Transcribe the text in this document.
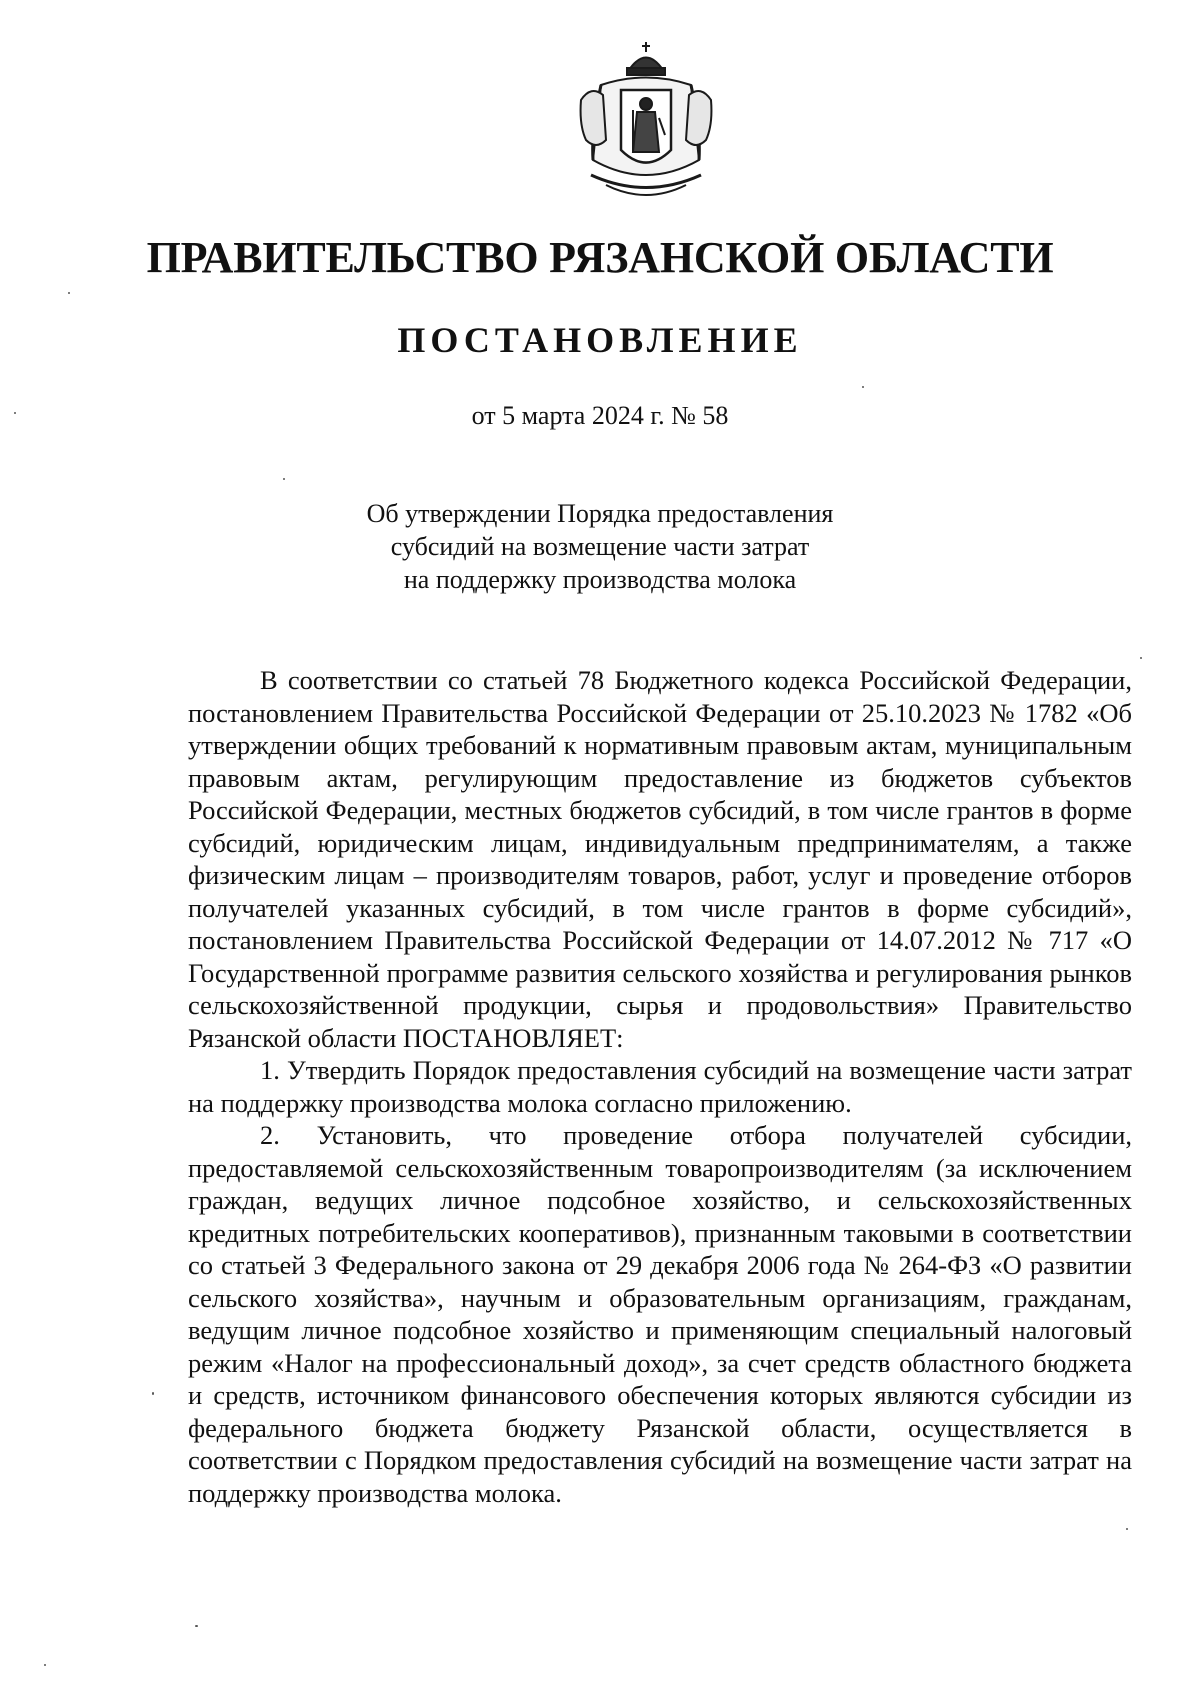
ПРАВИТЕЛЬСТВО РЯЗАНСКОЙ ОБЛАСТИ
ПОСТАНОВЛЕНИЕ

от 5 марта 2024 г. № 58

Об утверждении Порядка предоставления
субсидий на возмещение части затрат
на поддержку производства молока

В соответствии со статьей 78 Бюджетного кодекса Российской Федерации, постановлением Правительства Российской Федерации от 25.10.2023 № 1782 «Об утверждении общих требований к нормативным правовым актам, муниципальным правовым актам, регулирующим предоставление из бюджетов субъектов Российской Федерации, местных бюджетов субсидий, в том числе грантов в форме субсидий, юридическим лицам, индивидуальным предпринимателям, а также физическим лицам – производителям товаров, работ, услуг и проведение отборов получателей указанных субсидий, в том числе грантов в форме субсидий», постановлением Правительства Российской Федерации от 14.07.2012 № 717 «О Государственной программе развития сельского хозяйства и регулирования рынков сельскохозяйственной продукции, сырья и продовольствия» Правительство Рязанской области ПОСТАНОВЛЯЕТ:

1. Утвердить Порядок предоставления субсидий на возмещение части затрат на поддержку производства молока согласно приложению.

2. Установить, что проведение отбора получателей субсидии, предоставляемой сельскохозяйственным товаропроизводителям (за исключением граждан, ведущих личное подсобное хозяйство, и сельскохозяйственных кредитных потребительских кооперативов), признанным таковыми в соответствии со статьей 3 Федерального закона от 29 декабря 2006 года № 264-ФЗ «О развитии сельского хозяйства», научным и образовательным организациям, гражданам, ведущим личное подсобное хозяйство и применяющим специальный налоговый режим «Налог на профессиональный доход», за счет средств областного бюджета и средств, источником финансового обеспечения которых являются субсидии из федерального бюджета бюджету Рязанской области, осуществляется в соответствии с Порядком предоставления субсидий на возмещение части затрат на поддержку производства молока.
